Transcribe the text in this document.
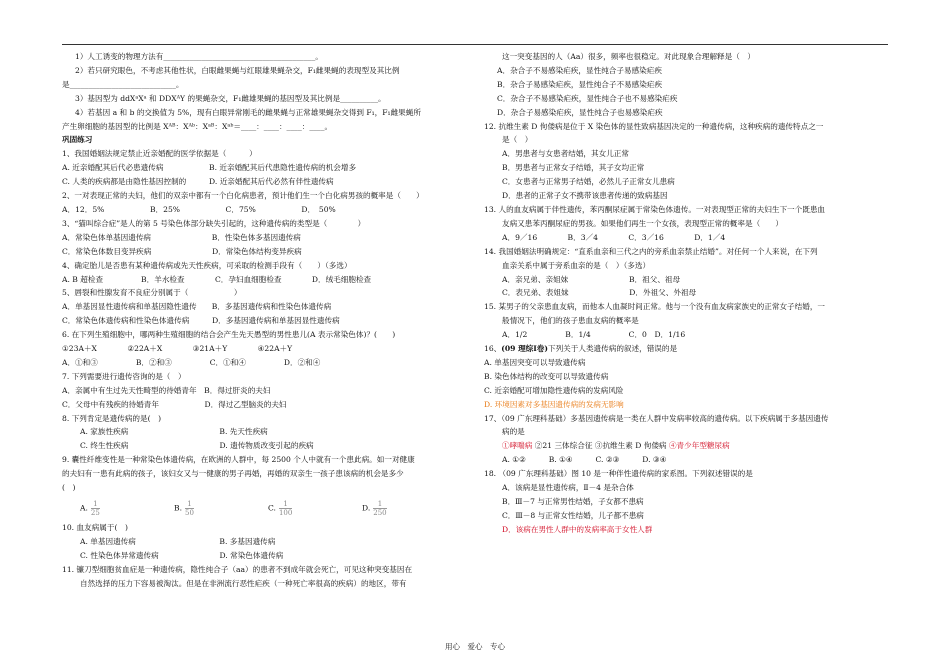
1）人工诱变的物理方法有________________________________________。
2）若只研究眼色，不考虑其他性状，白眼雌果蝇与红眼雄果蝇杂交，F₁雌果蝇的表现型及其比例
是____________________________。
3）基因型为 ddXᵃXᵃ 和 DDXᴬY 的果蝇杂交，F₁雌雄果蝇的基因型及其比例是__________。
4）若基因 a 和 b 的交换值为 5%，现有白眼异常刚毛的雌果蝇与正常雄果蝇杂交得到 F₁，F₁雌果蝇所
产生卵细胞的基因型的比例是 Xᴬᴮ：Xᴬᵇ：Xᵃᴮ：Xᵃᵇ＝____：____：____：____。
巩固练习
1、我国婚姻法规定禁止近亲婚配的医学依据是（　　　）
A. 近亲婚配其后代必患遗传病　　　　　　B. 近亲婚配其后代患隐性遗传病的机会增多
C. 人类的疾病都是由隐性基因控制的　　　D. 近亲婚配其后代必然有伴性遗传病
2、一对表现正常的夫妇，他们的双亲中都有一个白化病患者，预计他们生一个白化病男孩的概率是（　　）
A．12．5%　　　　　　B．25%　　　　　　C．75%　　　　　　D．　50%
3、“猫叫综合症”是人的第 5 号染色体部分缺失引起的，这种遗传病的类型是（　　　　）
A．常染色体单基因遗传病　　　　　　　　B．性染色体多基因遗传病
C．常染色体数目变异疾病　　　　　　　　D．常染色体结构变异疾病
4、确定胎儿是否患有某种遗传病或先天性疾病，可采取的检测手段有（　　）（多选）
A. B 超检查　　　　　B．羊水检查　　　　C．孕妇血细胞检查　　　　D．绒毛细胞检查
5、唇裂和性腺发育不良症分别属于（　　　　　　）
A．单基因显性遗传病和单基因隐性遗传　　B．多基因遗传病和性染色体遗传病
C．常染色体遗传病和性染色体遗传病　　　D．多基因遗传病和单基因显性遗传病
6. 在下列生殖细胞中，哪两种生殖细胞的结合会产生先天愚型的男性患儿(A 表示常染色体)？(　　)
①23A＋X　　　　②22A＋X　　　　③21A＋Y　　　　④22A＋Y
A．①和③　　　　　B．②和③　　　　　C．①和④　　　　　D．②和④
7. 下列需要进行遗传咨询的是（　）
A．亲属中有生过先天性畸型的待婚青年　B．得过肝炎的夫妇
C．父母中有残疾的待婚青年　　　　　　D．得过乙型脑炎的夫妇
8. 下列肯定是遗传病的是(　)
A. 家族性疾病　　　　　　　　　　　　B. 先天性疾病
C. 终生性疾病　　　　　　　　　　　　D. 遗传物质改变引起的疾病
9. 囊性纤维变性是一种常染色体遗传病，在欧洲的人群中，每 2500 个人中就有一个患此病。如一对健康
的夫妇有一患有此病的孩子，该妇女又与一健康的男子再婚，再婚的双亲生一孩子患该病的机会是多少
(　)
A. $\frac{1}{25}$	B. $\frac{1}{50}$	C. $\frac{1}{100}$	D. $\frac{1}{250}$
10. 血友病属于(　)
A. 单基因遗传病　　　　　　　　　　　B. 多基因遗传病
C. 性染色体异常遗传病　　　　　　　　D. 常染色体遗传病
11. 镰刀型细胞贫血症是一种遗传病，隐性纯合子（aa）的患者不到成年就会死亡，可见这种突变基因在
自然选择的压力下容易被淘汰。但是在非洲流行恶性疟疾（一种死亡率很高的疾病）的地区，带有
这一突变基因的人（Aa）很多，频率也很稳定。对此现象合理解释是（　）
A．杂合子不易感染疟疾，显性纯合子易感染疟疾
B．杂合子易感染疟疾，显性纯合子不易感染疟疾
C．杂合子不易感染疟疾，显性纯合子也不易感染疟疾
D．杂合子易感染疟疾，显性纯合子也易感染疟疾
12. 抗维生素 D 佝偻病是位于 X 染色体的显性致病基因决定的一种遗传病，这种疾病的遗传特点之一
是（　）
A．男患者与女患者结婚，其女儿正常
B．男患者与正常女子结婚，其子女均正常
C．女患者与正常男子结婚，必然儿子正常女儿患病
D．患者的正常子女不携带该患者传递的致病基因
13. 人的血友病属于伴性遗传，苯丙酮尿症属于常染色体遗传。一对表现型正常的夫妇生下一个既患血
友病又患苯丙酮尿症的男孩。如果他们再生一个女孩，表现型正常的概率是（　　）
A．9／16　　　　B．3／4　　　　C．3／16　　　　D．1／4
14. 我国婚姻法明确规定：“直系血亲和三代之内的旁系血亲禁止结婚”。对任何一个人来说，在下列
血亲关系中属于旁系血亲的是（　）（多选）
A．亲兄弟、亲姐妹　　　　　　　　B．祖父、祖母
C．表兄弟、表姐妹　　　　　　　　D．外祖父、外祖母
15. 某男子的父亲患血友病，而他本人血凝时间正常。他与一个没有血友病家族史的正常女子结婚，一
般情况下，他们的孩子患血友病的概率是
A．1/2　　　　　B．1/4　　　　　C．0　D．1/16
16、(09 理综Ⅰ卷)下列关于人类遗传病的叙述，错误的是
A. 单基因突变可以导致遗传病
B. 染色体结构的改变可以导致遗传病
C. 近亲婚配可增加隐性遗传病的发病风险
D. 环境因素对多基因遗传病的发病无影响
17、（09 广东理科基础）多基因遗传病是一类在人群中发病率较高的遗传病。以下疾病属于多基因遗传
病的是
①哮喘病 ②21 三体综合征 ③抗维生素 D 佝偻病 ④青少年型糖尿病
A. ①②　　　B. ①④　　　C. ②③　　　D. ③④
18. （09 广东理科基础）图 10 是一种伴性遗传病的家系图。下列叙述错误的是
A．该病是显性遗传病，Ⅱ－4 是杂合体
B．Ⅲ－7 与正常男性结婚，子女都不患病
C．Ⅲ－8 与正常女性结婚，儿子都不患病
D．该病在男性人群中的发病率高于女性人群
用心　爱心　专心
